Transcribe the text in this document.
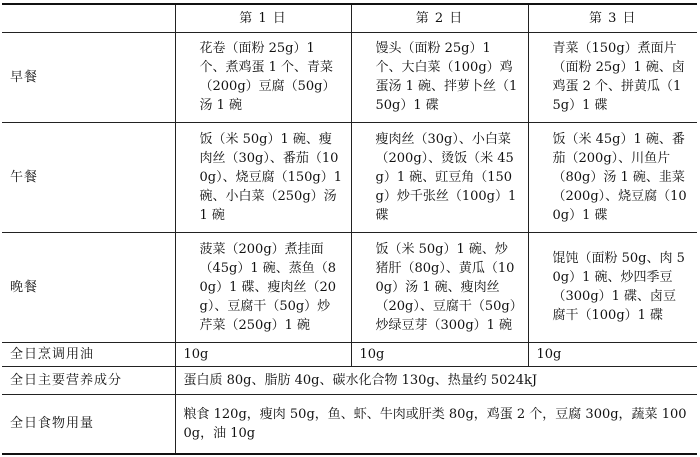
	第 1 日	第 2 日	第 3 日
早餐	花卷（面粉 25g）1 个、煮鸡蛋 1 个、青菜（200g）豆腐（50g）汤 1 碗	馒头（面粉 25g）1 个、大白菜（100g）鸡蛋汤 1 碗、拌萝卜丝（150g）1 碟	青菜（150g）煮面片（面粉 25g）1 碗、卤鸡蛋 2 个、拼黄瓜（15g）1 碟
午餐	饭（米 50g）1 碗、瘦肉丝（30g）、番茄（100g）、烧豆腐（150g）1 碗、小白菜（250g）汤 1 碗	瘦肉丝（30g）、小白菜（200g）、烫饭（米 45g）1 碗、豇豆角（150g）炒千张丝（100g）1 碟	饭（米 45g）1 碗、番茄（200g）、川鱼片（80g）汤 1 碗、韭菜（200g）、烧豆腐（100g）1 碟
晚餐	菠菜（200g）煮挂面（45g）1 碗、蒸鱼（80g）1 碟、瘦肉丝（20g）、豆腐干（50g）炒芹菜（250g）1 碗	饭（米 50g）1 碗、炒猪肝（80g）、黄瓜（100g）汤 1 碗、瘦肉丝（20g）、豆腐干（50g）炒绿豆芽（300g）1 碗	馄饨（面粉 50g、肉 50g）1 碗、炒四季豆（300g）1 碟、卤豆腐干（100g）1 碟
全日烹调用油	10g	10g	10g
全日主要营养成分	蛋白质 80g、脂肪 40g、碳水化合物 130g、热量约 5024kJ		
全日食物用量	粮食 120g，瘦肉 50g，鱼、虾、牛肉或肝类 80g，鸡蛋 2 个，豆腐 300g，蔬菜 1000g，油 10g		
